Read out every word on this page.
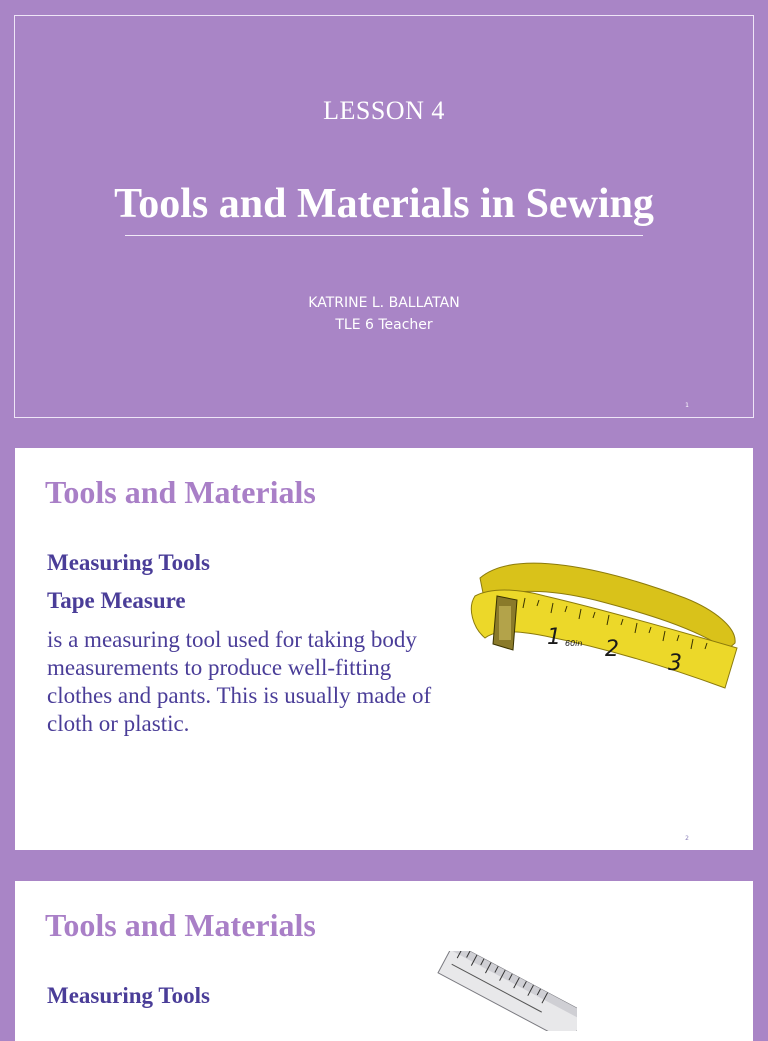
LESSON 4
Tools and Materials in Sewing
KATRINE L. BALLATAN
TLE 6 Teacher
1
Tools and Materials
Measuring Tools
Tape Measure
is a measuring tool used for taking body measurements to produce well-fitting clothes and pants. This is usually made of cloth or plastic.
1 60in 2
3
2
Tools and Materials
Measuring Tools
